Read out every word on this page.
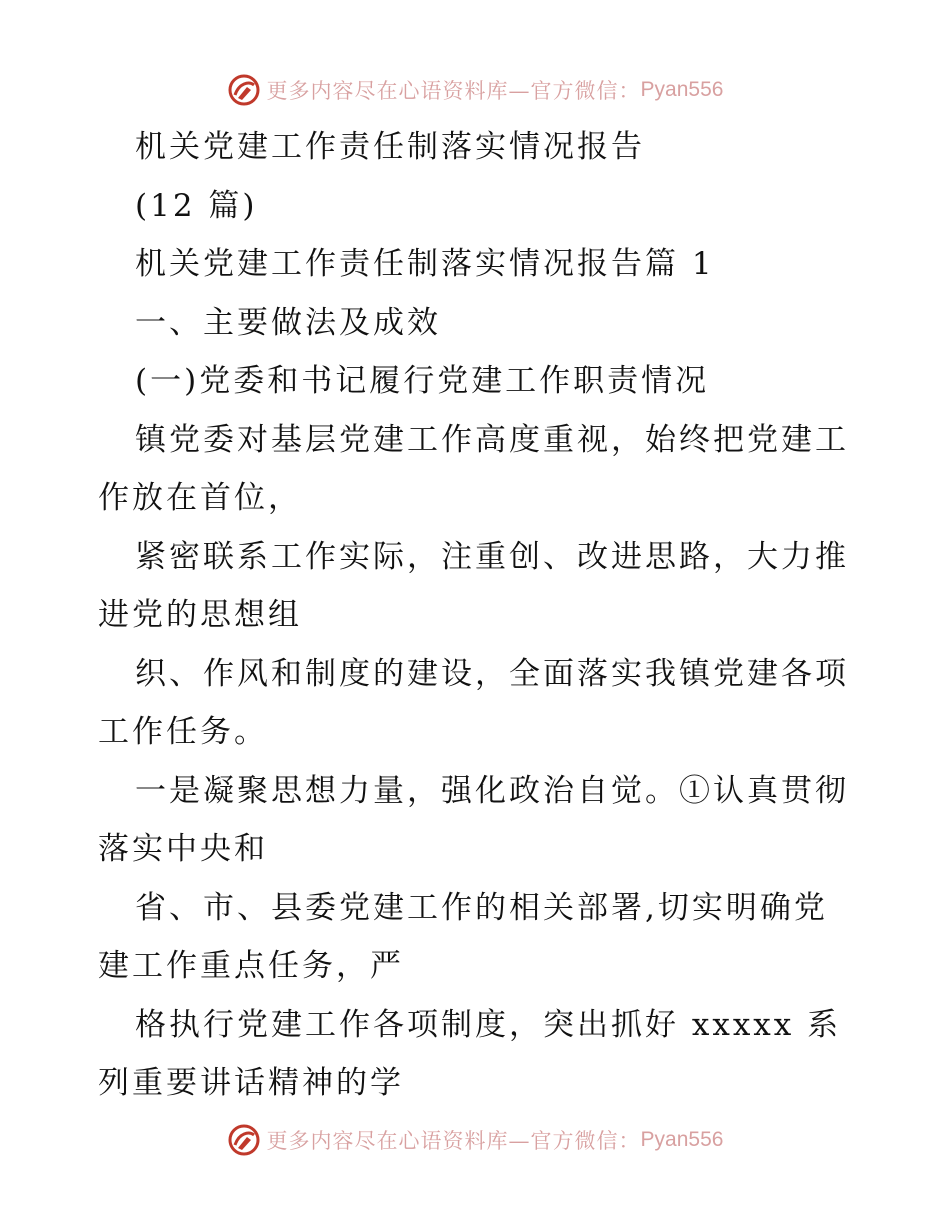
更多内容尽在心语资料库—官方微信： Pyan556
机关党建工作责任制落实情况报告
(12 篇)
机关党建工作责任制落实情况报告篇 1
一、主要做法及成效
(一)党委和书记履行党建工作职责情况
镇党委对基层党建工作高度重视，始终把党建工
作放在首位，
紧密联系工作实际，注重创、改进思路，大力推
进党的思想组
织、作风和制度的建设，全面落实我镇党建各项
工作任务。
一是凝聚思想力量，强化政治自觉。①认真贯彻
落实中央和
省、市、县委党建工作的相关部署,切实明确党
建工作重点任务，严
格执行党建工作各项制度，突出抓好 xxxxx 系
列重要讲话精神的学
更多内容尽在心语资料库—官方微信： Pyan556
